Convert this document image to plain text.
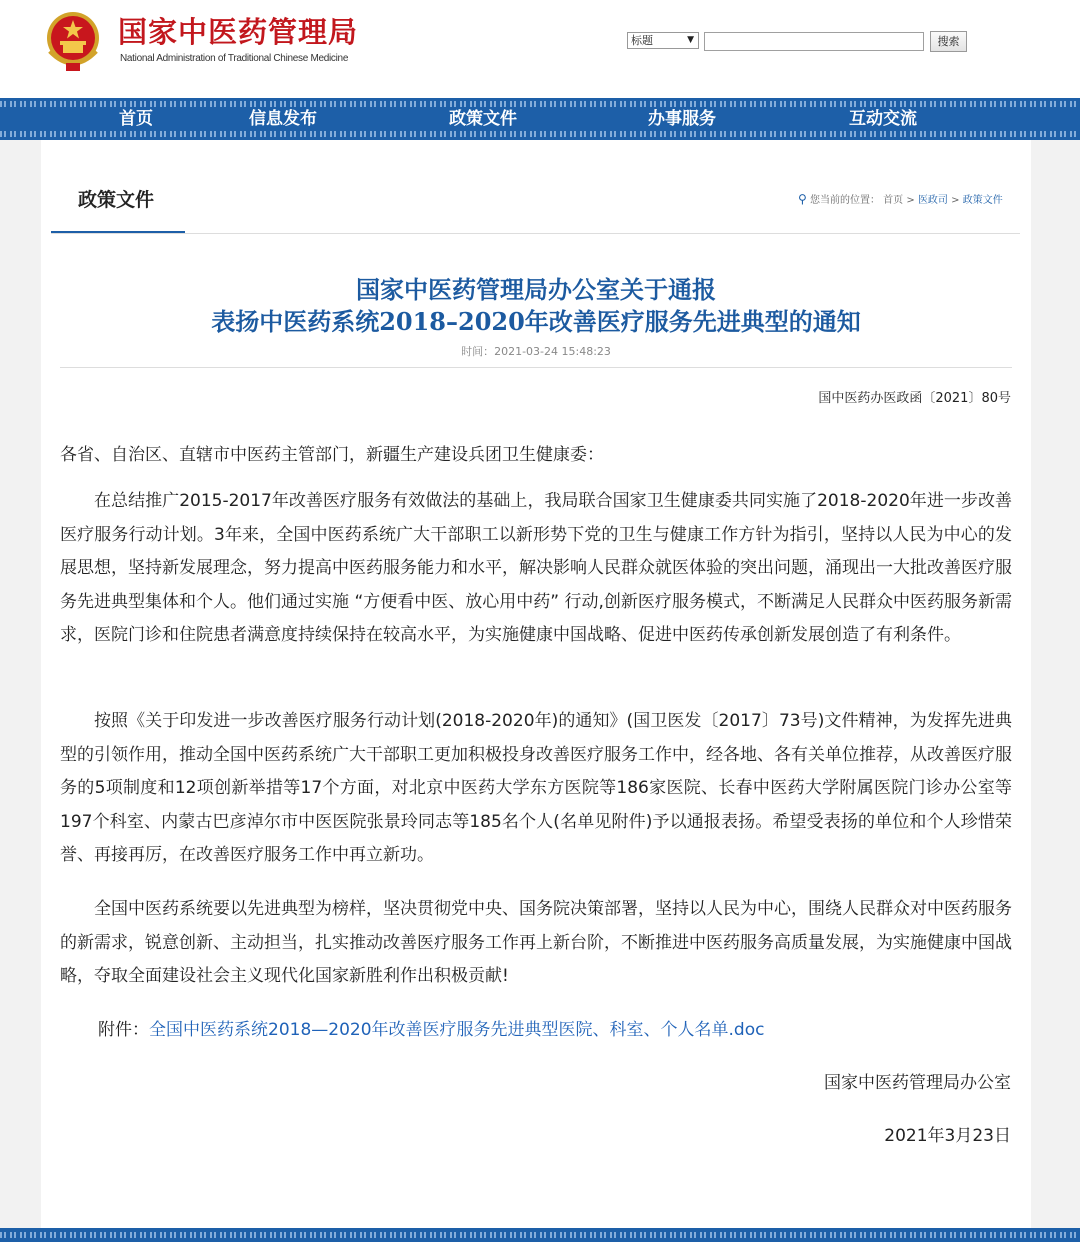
国家中医药管理局
National Administration of Traditional Chinese Medicine
标题	▼	搜索
首页	信息发布	政策文件	办事服务	互动交流
政策文件	⚲ 您当前的位置： 首页 > 医政司 > 政策文件
国家中医药管理局办公室关于通报
表扬中医药系统2018–2020年改善医疗服务先进典型的通知
时间：2021-03-24 15:48:23
国中医药办医政函〔2021〕80号
各省、自治区、直辖市中医药主管部门，新疆生产建设兵团卫生健康委：

在总结推广2015-2017年改善医疗服务有效做法的基础上，我局联合国家卫生健康委共同实施了2018-2020年进一步改善医疗服务行动计划。3年来，全国中医药系统广大干部职工以新形势下党的卫生与健康工作方针为指引，坚持以人民为中心的发展思想，坚持新发展理念，努力提高中医药服务能力和水平，解决影响人民群众就医体验的突出问题，涌现出一大批改善医疗服务先进典型集体和个人。他们通过实施 “方便看中医、放心用中药” 行动,创新医疗服务模式，不断满足人民群众中医药服务新需求，医院门诊和住院患者满意度持续保持在较高水平，为实施健康中国战略、促进中医药传承创新发展创造了有利条件。

按照《关于印发进一步改善医疗服务行动计划(2018-2020年)的通知》(国卫医发〔2017〕73号)文件精神，为发挥先进典型的引领作用，推动全国中医药系统广大干部职工更加积极投身改善医疗服务工作中，经各地、各有关单位推荐，从改善医疗服务的5项制度和12项创新举措等17个方面，对北京中医药大学东方医院等186家医院、长春中医药大学附属医院门诊办公室等197个科室、内蒙古巴彦淖尔市中医医院张景玲同志等185名个人(名单见附件)予以通报表扬。希望受表扬的单位和个人珍惜荣誉、再接再厉，在改善医疗服务工作中再立新功。

全国中医药系统要以先进典型为榜样，坚决贯彻党中央、国务院决策部署，坚持以人民为中心，围绕人民群众对中医药服务的新需求，锐意创新、主动担当，扎实推动改善医疗服务工作再上新台阶，不断推进中医药服务高质量发展，为实施健康中国战略，夺取全面建设社会主义现代化国家新胜利作出积极贡献!

附件：全国中医药系统2018—2020年改善医疗服务先进典型医院、科室、个人名单.doc
国家中医药管理局办公室
2021年3月23日
